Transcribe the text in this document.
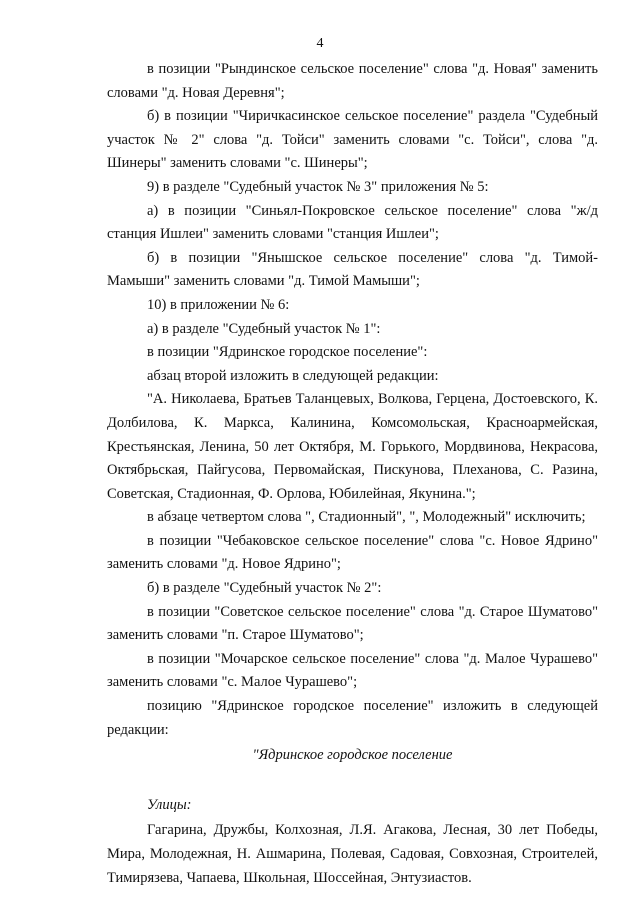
4

в позиции "Рындинское сельское поселение" слова "д. Новая" заменить словами "д. Новая Деревня";

б) в позиции "Чиричкасинское сельское поселение" раздела "Судебный участок № 2" слова "д. Тойси" заменить словами "с. Тойси", слова "д. Шинеры" заменить словами "с. Шинеры";

9) в разделе "Судебный участок № 3" приложения № 5:

а) в позиции "Синьял-Покровское сельское поселение" слова "ж/д станция Ишлеи" заменить словами "станция Ишлеи";

б) в позиции "Янышское сельское поселение" слова "д. Тимой-Мамыши" заменить словами "д. Тимой Мамыши";

10) в приложении № 6:

а) в разделе "Судебный участок № 1":

в позиции "Ядринское городское поселение":

абзац второй изложить в следующей редакции:

"А. Николаева, Братьев Таланцевых, Волкова, Герцена, Достоевского, К. Долбилова, К. Маркса, Калинина, Комсомольская, Красноармейская, Крестьянская, Ленина, 50 лет Октября, М. Горького, Мордвинова, Некрасова, Октябрьская, Пайгусова, Первомайская, Пискунова, Плеханова, С. Разина, Советская, Стадионная, Ф. Орлова, Юбилейная, Якунина.";

в абзаце четвертом слова ", Стадионный", ", Молодежный" исключить;

в позиции "Чебаковское сельское поселение" слова "с. Новое Ядрино" заменить словами "д. Новое Ядрино";

б) в разделе "Судебный участок № 2":

в позиции "Советское сельское поселение" слова "д. Старое Шуматово" заменить словами "п. Старое Шуматово";

в позиции "Мочарское сельское поселение" слова "д. Малое Чурашево" заменить словами "с. Малое Чурашево";

позицию "Ядринское городское поселение" изложить в следующей редакции:

"Ядринское городское поселение

Улицы:

Гагарина, Дружбы, Колхозная, Л.Я. Агакова, Лесная, 30 лет Победы, Мира, Молодежная, Н. Ашмарина, Полевая, Садовая, Совхозная, Строителей, Тимирязева, Чапаева, Школьная, Шоссейная, Энтузиастов.
